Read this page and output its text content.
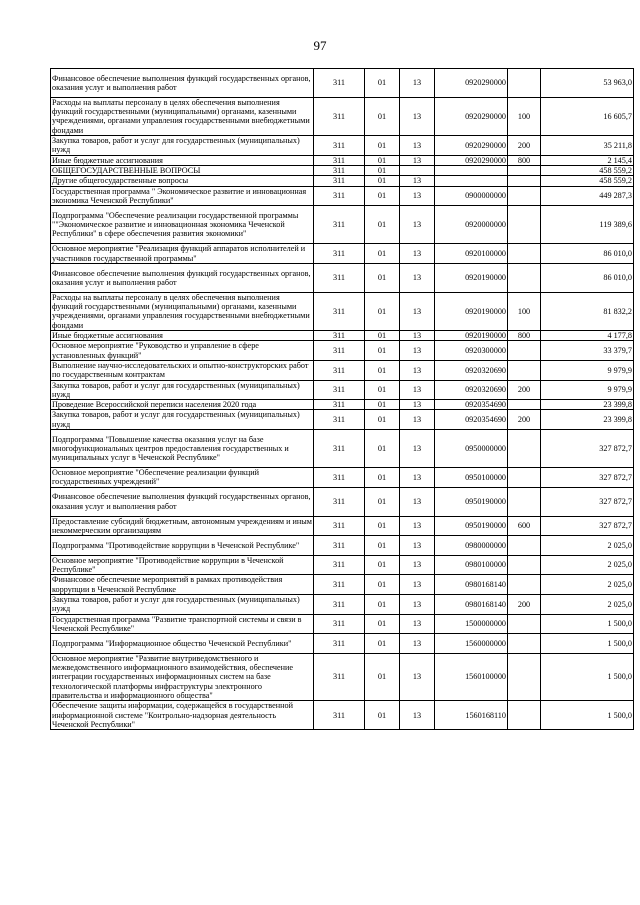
97
Финансовое обеспечение выполнения функций государственных органов, оказания услуг и выполнения работ	311	01	13	0920290000		53 963,0
Расходы на выплаты персоналу в целях обеспечения выполнения функций государственными (муниципальными) органами, казенными учреждениями, органами управления государственными внебюджетными фондами	311	01	13	0920290000	100	16 605,7
Закупка товаров, работ и услуг для государственных (муниципальных) нужд	311	01	13	0920290000	200	35 211,8
Иные бюджетные ассигнования	311	01	13	0920290000	800	2 145,4
ОБЩЕГОСУДАРСТВЕННЫЕ ВОПРОСЫ	311	01				458 559,2
Другие общегосударственные вопросы	311	01	13			458 559,2
Государственная программа " Экономическое развитие и инновационная экономика Чеченской Республики"	311	01	13	0900000000		449 287,3
Подпрограмма "Обеспечение реализации государственной программы ""Экономическое развитие и инновационная экономика Чеченской Республики" в сфере обеспечения развития экономики"	311	01	13	0920000000		119 389,6
Основное мероприятие "Реализация функций аппаратов исполнителей и участников государственной программы"	311	01	13	0920100000		86 010,0
Финансовое обеспечение выполнения функций государственных органов, оказания услуг и выполнения работ	311	01	13	0920190000		86 010,0
Расходы на выплаты персоналу в целях обеспечения выполнения функций государственными (муниципальными) органами, казенными учреждениями, органами управления государственными внебюджетными фондами	311	01	13	0920190000	100	81 832,2
Иные бюджетные ассигнования	311	01	13	0920190000	800	4 177,8
Основное мероприятие "Руководство и управление в сфере установленных функций"	311	01	13	0920300000		33 379,7
Выполнение научно-исследовательских и опытно-конструкторских работ по государственным контрактам	311	01	13	0920320690		9 979,9
Закупка товаров, работ и услуг для государственных (муниципальных) нужд	311	01	13	0920320690	200	9 979,9
Проведение Всероссийской переписи населения 2020 года	311	01	13	0920354690		23 399,8
Закупка товаров, работ и услуг для государственных (муниципальных) нужд	311	01	13	0920354690	200	23 399,8
Подпрограмма "Повышение качества оказания услуг на базе многофункциональных центров предоставления государственных и муниципальных услуг в Чеченской Республике"	311	01	13	0950000000		327 872,7
Основное мероприятие "Обеспечение реализации функций государственных учреждений"	311	01	13	0950100000		327 872,7
Финансовое обеспечение выполнения функций государственных органов, оказания услуг и выполнения работ	311	01	13	0950190000		327 872,7
Предоставление субсидий бюджетным, автономным учреждениям и иным некоммерческим организациям	311	01	13	0950190000	600	327 872,7
Подпрограмма "Противодействие коррупции в Чеченской Республике"	311	01	13	0980000000		2 025,0
Основное мероприятие "Противодействие коррупции в Чеченской Республике"	311	01	13	0980100000		2 025,0
Финансовое обеспечение мероприятий в рамках противодействия коррупции в Чеченской Республике	311	01	13	0980168140		2 025,0
Закупка товаров, работ и услуг для государственных (муниципальных) нужд	311	01	13	0980168140	200	2 025,0
Государственная программа "Развитие транспортной системы и связи в Чеченской Республике"	311	01	13	1500000000		1 500,0
Подпрограмма "Информационное общество Чеченской Республики"	311	01	13	1560000000		1 500,0
Основное мероприятие "Развитие внутриведомственного и межведомственного информационного взаимодействия, обеспечение интеграции государственных информационных систем на базе технологической платформы инфраструктуры электронного правительства и информационного общества"	311	01	13	1560100000		1 500,0
Обеспечение защиты информации, содержащейся в государственной информационной системе "Контрольно-надзорная деятельность Чеченской Республики"	311	01	13	1560168110		1 500,0
